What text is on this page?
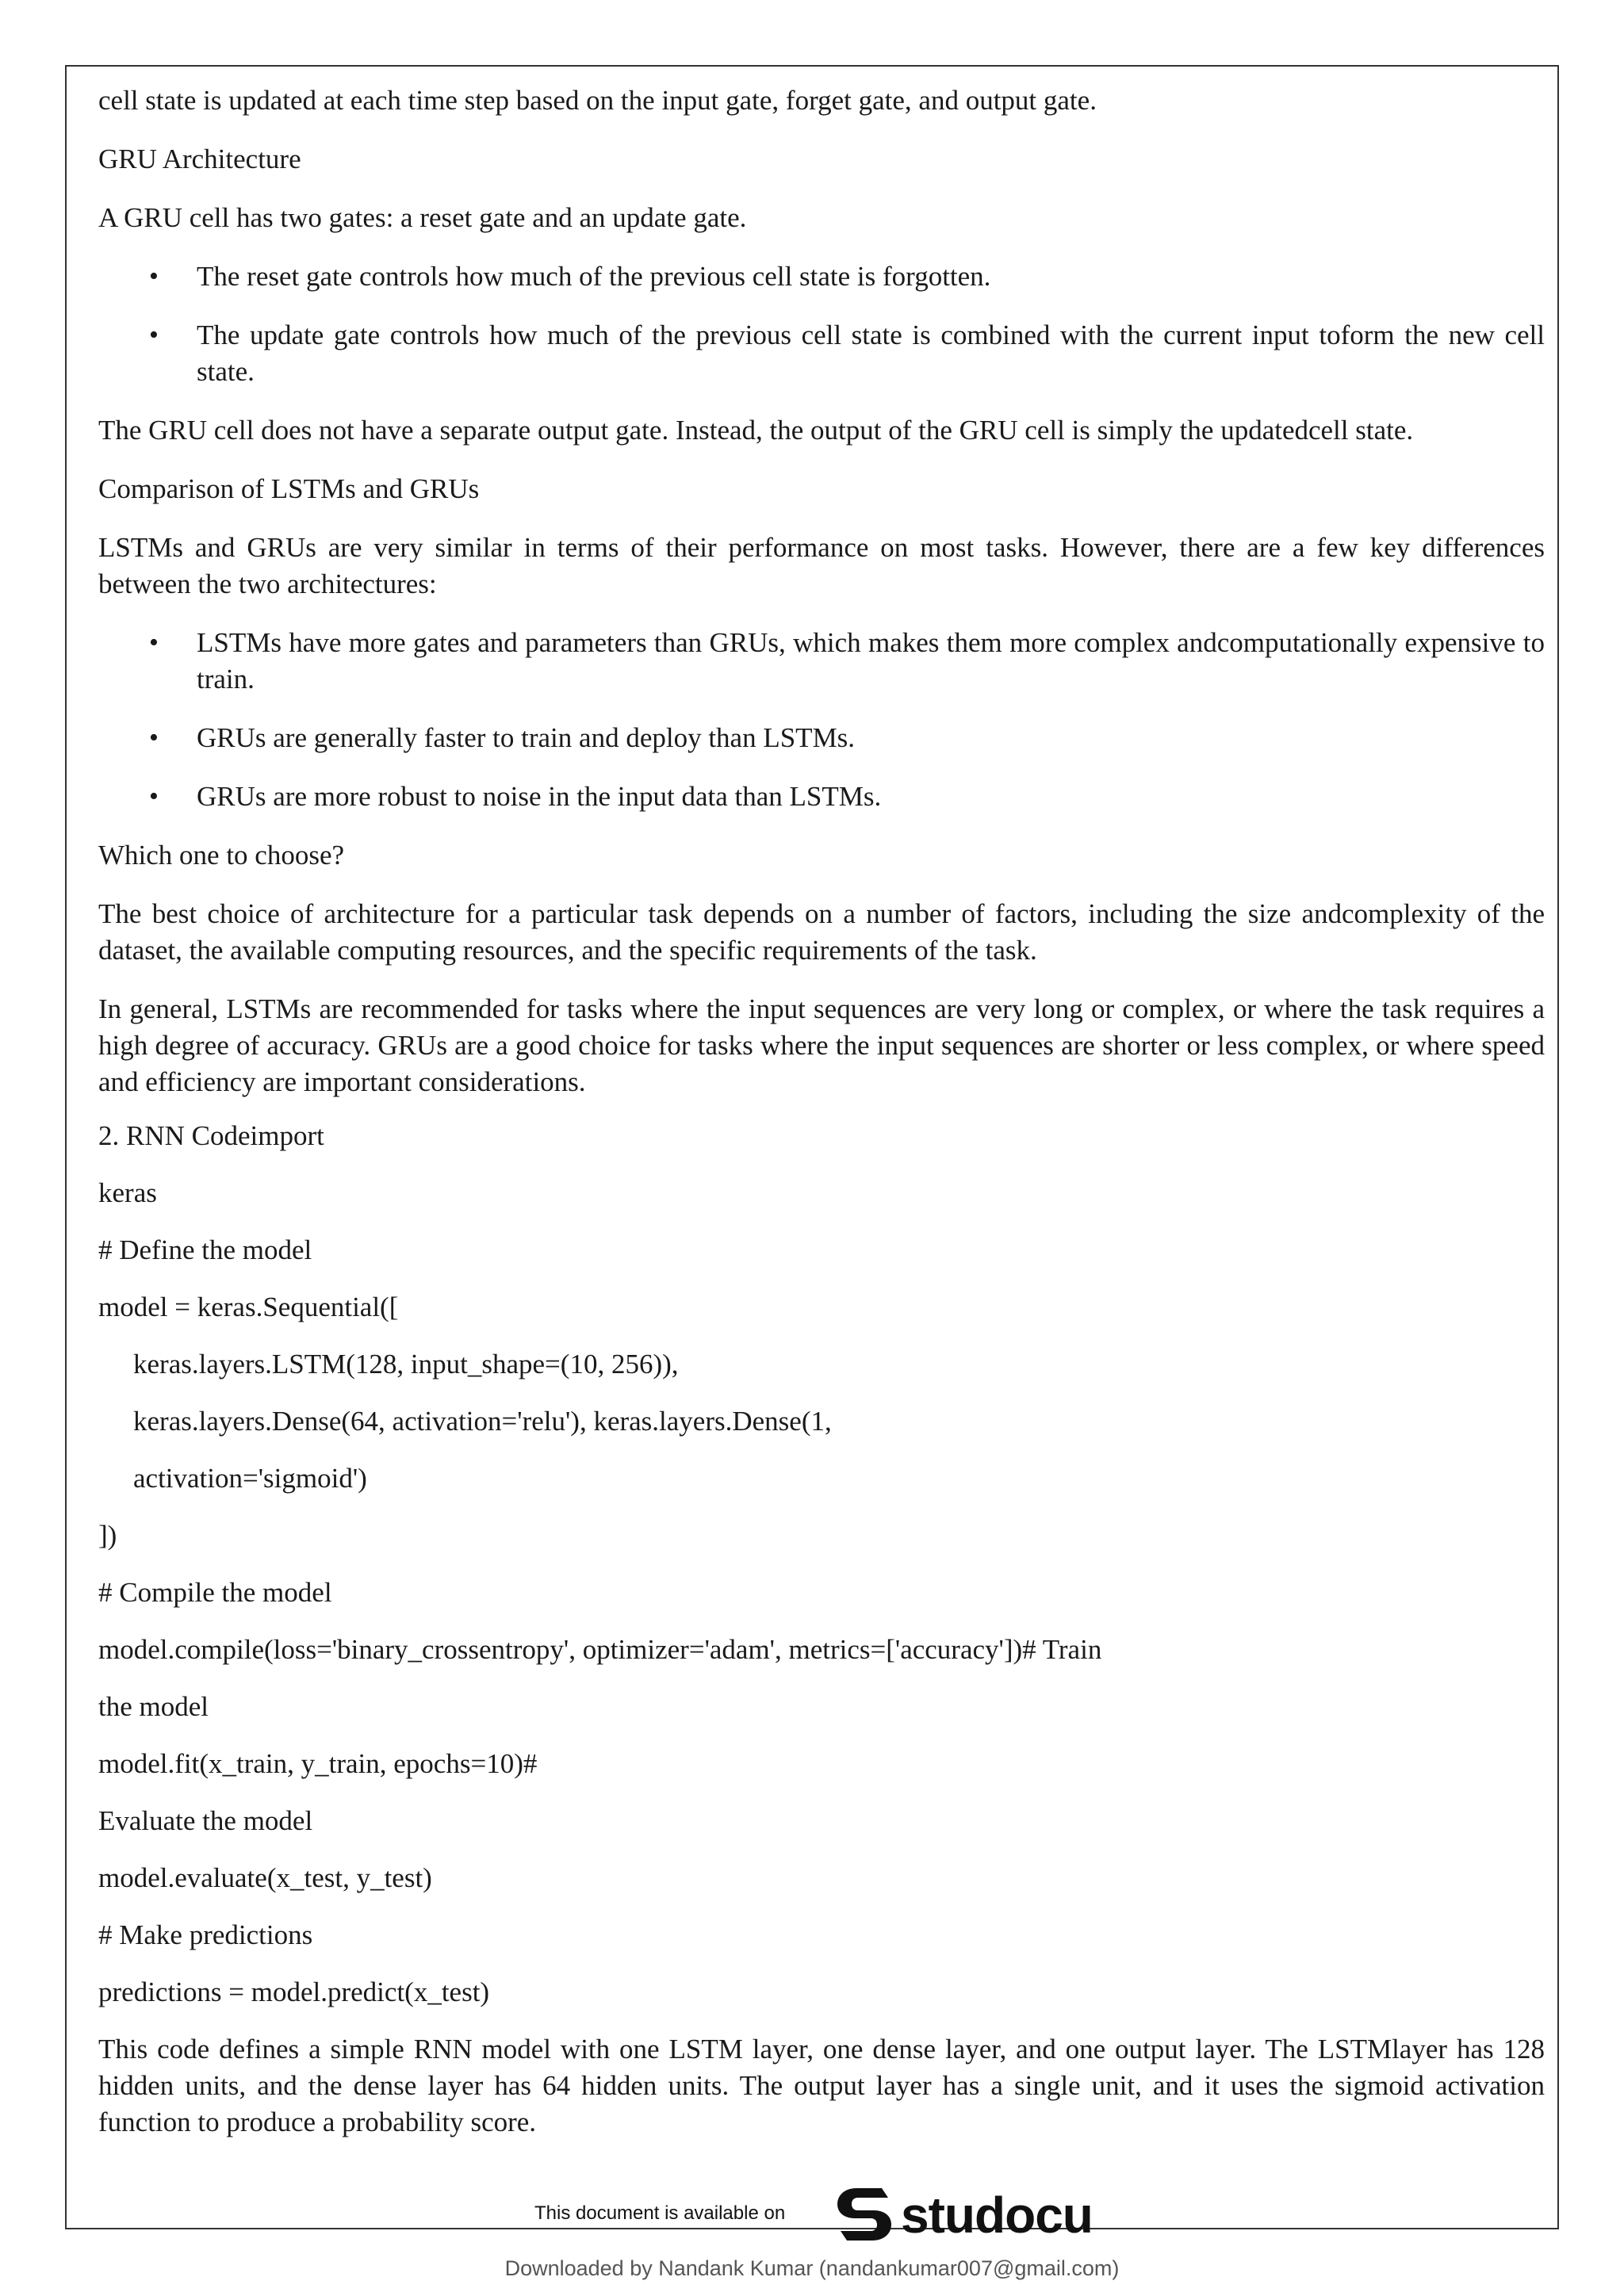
cell state is updated at each time step based on the input gate, forget gate, and output gate.

GRU Architecture

A GRU cell has two gates: a reset gate and an update gate.

• The reset gate controls how much of the previous cell state is forgotten.
• The update gate controls how much of the previous cell state is combined with the current input toform the new cell state.

The GRU cell does not have a separate output gate. Instead, the output of the GRU cell is simply the updatedcell state.

Comparison of LSTMs and GRUs

LSTMs and GRUs are very similar in terms of their performance on most tasks. However, there are a few key differences between the two architectures:

• LSTMs have more gates and parameters than GRUs, which makes them more complex andcomputationally expensive to train.
• GRUs are generally faster to train and deploy than LSTMs.
• GRUs are more robust to noise in the input data than LSTMs.

Which one to choose?

The best choice of architecture for a particular task depends on a number of factors, including the size andcomplexity of the dataset, the available computing resources, and the specific requirements of the task.

In general, LSTMs are recommended for tasks where the input sequences are very long or complex, or where the task requires a high degree of accuracy. GRUs are a good choice for tasks where the input sequences are shorter or less complex, or where speed and efficiency are important considerations.

2. RNN Codeimport
keras
# Define the model
model = keras.Sequential([
keras.layers.LSTM(128, input_shape=(10, 256)),
keras.layers.Dense(64, activation='relu'), keras.layers.Dense(1,
activation='sigmoid')
])
# Compile the model
model.compile(loss='binary_crossentropy', optimizer='adam', metrics=['accuracy'])# Train
the model
model.fit(x_train, y_train, epochs=10)#
Evaluate the model
model.evaluate(x_test, y_test)
# Make predictions
predictions = model.predict(x_test)

This code defines a simple RNN model with one LSTM layer, one dense layer, and one output layer. The LSTMlayer has 128 hidden units, and the dense layer has 64 hidden units. The output layer has a single unit, and it uses the sigmoid activation function to produce a probability score.

This document is available on studocu
Downloaded by Nandank Kumar (nandankumar007@gmail.com)
